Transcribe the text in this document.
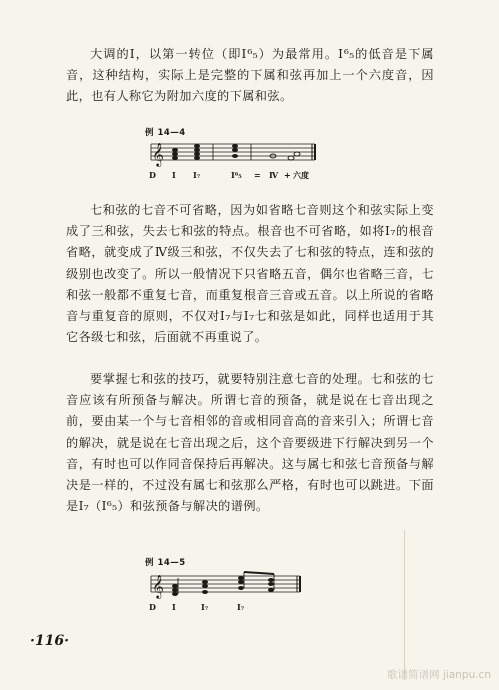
大调的Ⅰ，以第一转位（即Ⅰ⁶₅）为最常用。Ⅰ⁶₅的低音是下属音，这种结构，实际上是完整的下属和弦再加上一个六度音，因此，也有人称它为附加六度的下属和弦。

例 14—4
𝄞
D I I₇	I⁶₅ = Ⅳ + 六度

七和弦的七音不可省略，因为如省略七音则这个和弦实际上变成了三和弦，失去七和弦的特点。根音也不可省略，如将Ⅰ₇的根音省略，就变成了Ⅳ级三和弦，不仅失去了七和弦的特点，连和弦的级别也改变了。所以一般情况下只省略五音，偶尔也省略三音，七和弦一般都不重复七音，而重复根音三音或五音。以上所说的省略音与重复音的原则，不仅对Ⅰ₇与Ⅰ₇七和弦是如此，同样也适用于其它各级七和弦，后面就不再重说了。

要掌握七和弦的技巧，就要特别注意七音的处理。七和弦的七音应该有所预备与解决。所谓七音的预备，就是说在七音出现之前，要由某一个与七音相邻的音或相同音高的音来引入；所谓七音的解决，就是说在七音出现之后，这个音要级进下行解决到另一个音，有时也可以作同音保持后再解决。这与属七和弦七音预备与解决是一样的，不过没有属七和弦那么严格，有时也可以跳进。下面是Ⅰ₇（Ⅰ⁶₅）和弦预备与解决的谱例。

例 14—5
𝄞
D I	I₇	I₇
·116·
歌谱简谱网 jianpu.cn
